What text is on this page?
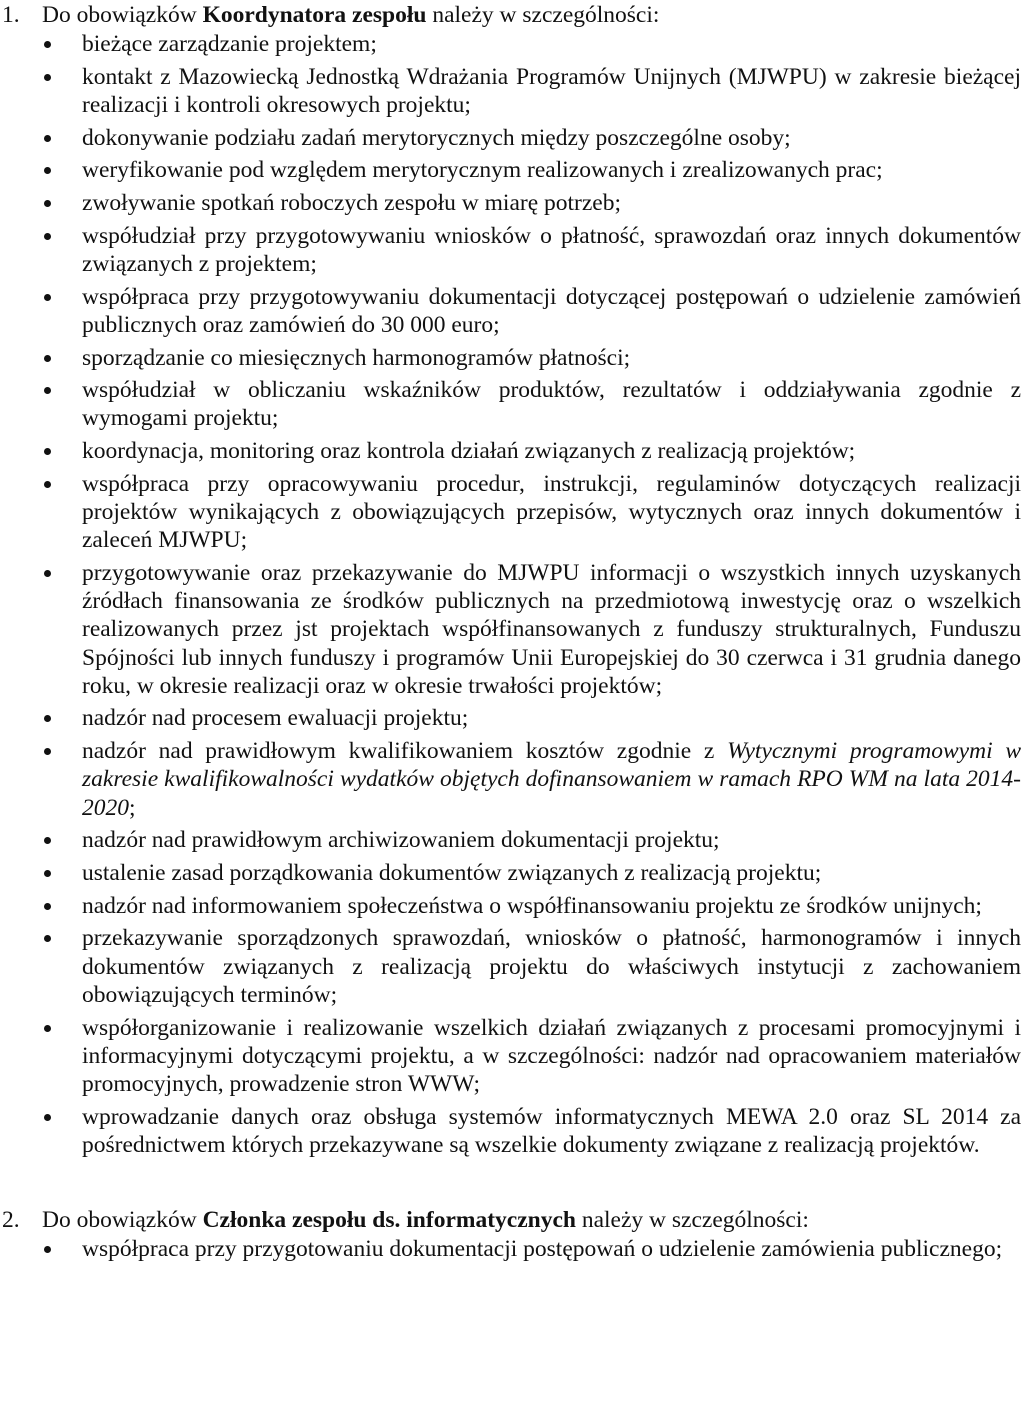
1. Do obowiązków Koordynatora zespołu należy w szczególności:
bieżące zarządzanie projektem;
kontakt z Mazowiecką Jednostką Wdrażania Programów Unijnych (MJWPU) w zakresie bieżącej realizacji i kontroli okresowych projektu;
dokonywanie podziału zadań merytorycznych między poszczególne osoby;
weryfikowanie pod względem merytorycznym realizowanych i zrealizowanych prac;
zwoływanie spotkań roboczych zespołu w miarę potrzeb;
współudział przy przygotowywaniu wniosków o płatność, sprawozdań oraz innych dokumentów związanych z projektem;
współpraca przy przygotowywaniu dokumentacji dotyczącej postępowań o udzielenie zamówień publicznych oraz zamówień do 30 000 euro;
sporządzanie co miesięcznych harmonogramów płatności;
współudział w obliczaniu wskaźników produktów, rezultatów i oddziaływania zgodnie z wymogami projektu;
koordynacja, monitoring oraz kontrola działań związanych z realizacją projektów;
współpraca przy opracowywaniu procedur, instrukcji, regulaminów dotyczących realizacji projektów wynikających z obowiązujących przepisów, wytycznych oraz innych dokumentów i zaleceń MJWPU;
przygotowywanie oraz przekazywanie do MJWPU informacji o wszystkich innych uzyskanych źródłach finansowania ze środków publicznych na przedmiotową inwestycję oraz o wszelkich realizowanych przez jst projektach współfinansowanych z funduszy strukturalnych, Funduszu Spójności lub innych funduszy i programów Unii Europejskiej do 30 czerwca i 31 grudnia danego roku, w okresie realizacji oraz w okresie trwałości projektów;
nadzór nad procesem ewaluacji projektu;
nadzór nad prawidłowym kwalifikowaniem kosztów zgodnie z Wytycznymi programowymi w zakresie kwalifikowalności wydatków objętych dofinansowaniem w ramach RPO WM na lata 2014-2020;
nadzór nad prawidłowym archiwizowaniem dokumentacji projektu;
ustalenie zasad porządkowania dokumentów związanych z realizacją projektu;
nadzór nad informowaniem społeczeństwa o współfinansowaniu projektu ze środków unijnych;
przekazywanie sporządzonych sprawozdań, wniosków o płatność, harmonogramów i innych dokumentów związanych z realizacją projektu do właściwych instytucji z zachowaniem obowiązujących terminów;
współorganizowanie i realizowanie wszelkich działań związanych z procesami promocyjnymi i informacyjnymi dotyczącymi projektu, a w szczególności: nadzór nad opracowaniem materiałów promocyjnych, prowadzenie stron WWW;
wprowadzanie danych oraz obsługa systemów informatycznych MEWA 2.0 oraz SL 2014 za pośrednictwem których przekazywane są wszelkie dokumenty związane z realizacją projektów.
2. Do obowiązków Członka zespołu ds. informatycznych należy w szczególności:
współpraca przy przygotowaniu dokumentacji postępowań o udzielenie zamówienia publicznego;
